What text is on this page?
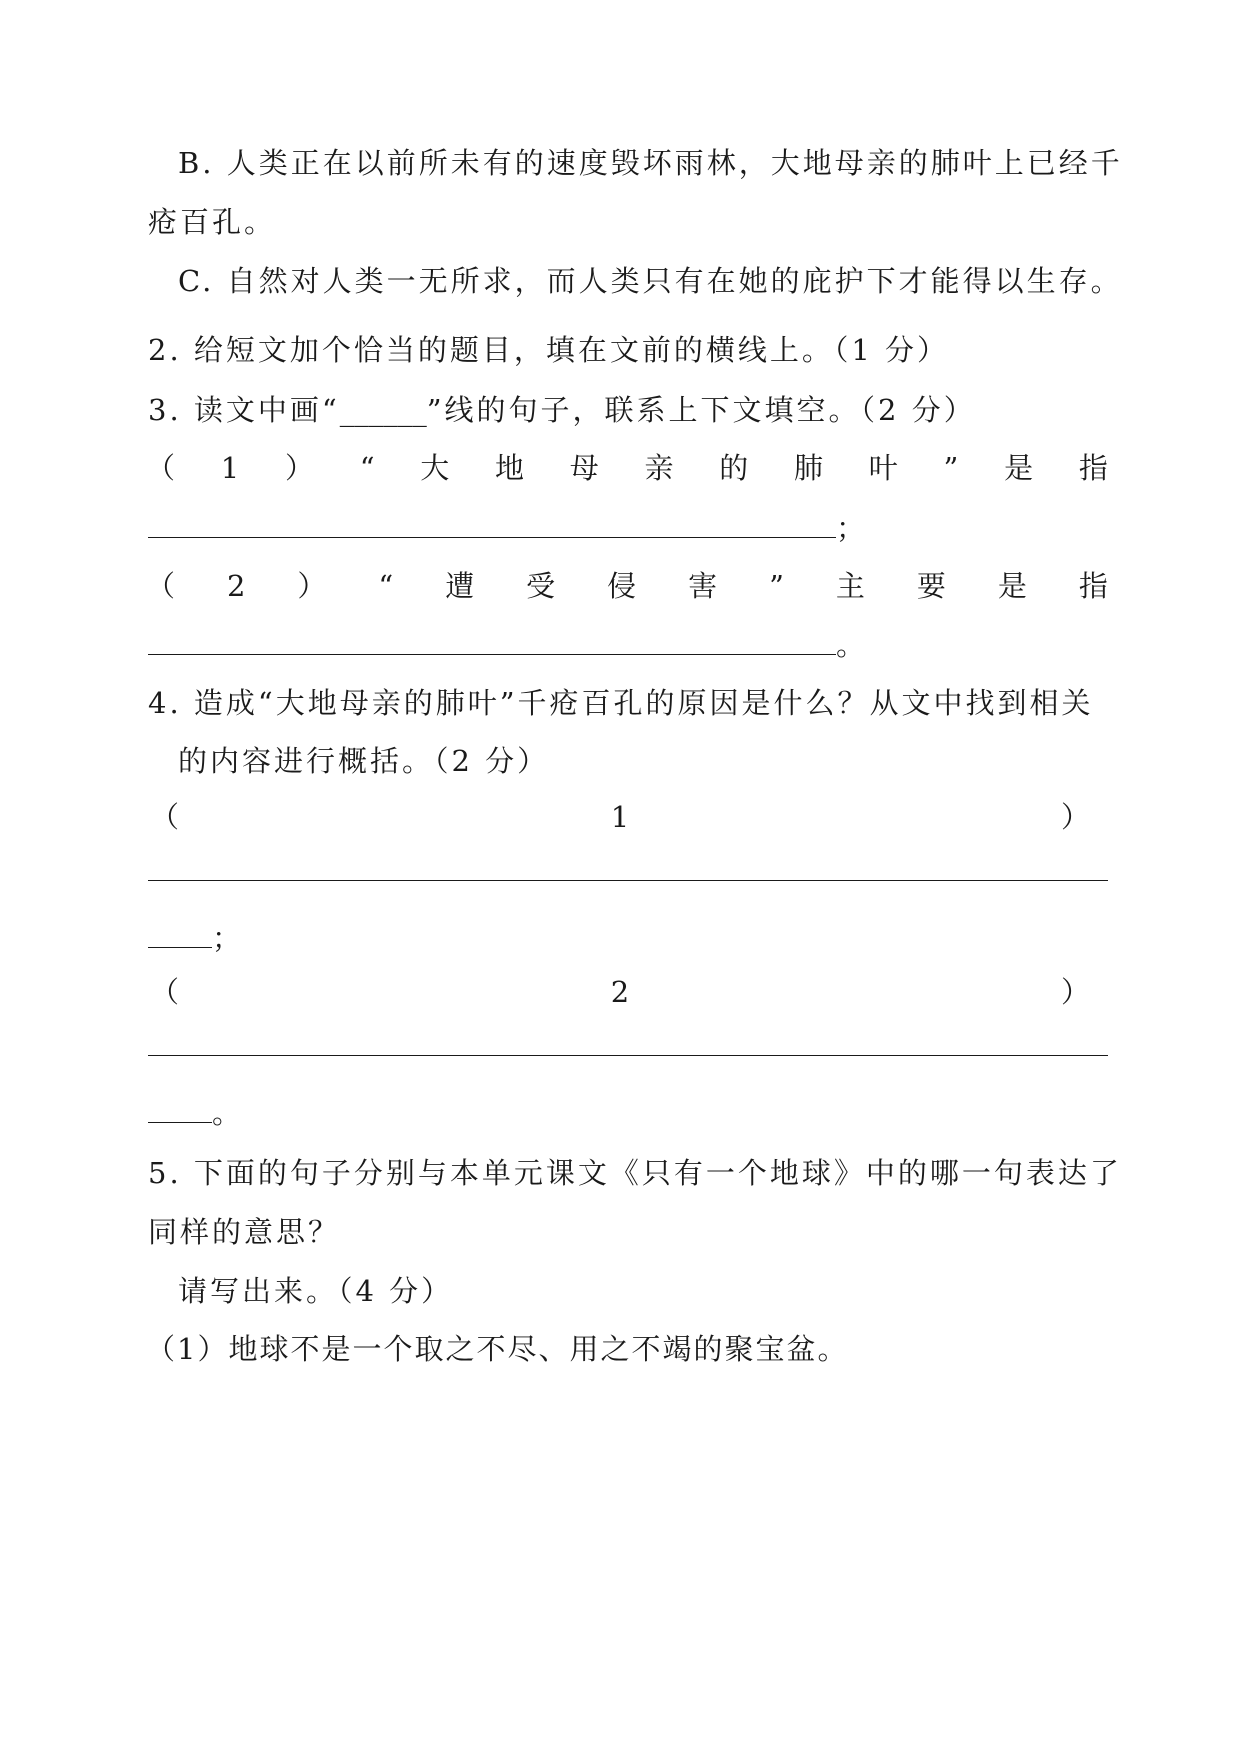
B. 人类正在以前所未有的速度毁坏雨林，大地母亲的肺叶上已经千
疮百孔。
C. 自然对人类一无所求，而人类只有在她的庇护下才能得以生存。
2. 给短文加个恰当的题目，填在文前的横线上。（1 分）
3. 读文中画“______”线的句子，联系上下文填空。（2 分）
（ 1 ） “ 大 地 母 亲 的 肺 叶 ” 是 指
；
（ 2 ） “ 遭 受 侵 害 ” 主 要 是 指
。
4. 造成“大地母亲的肺叶”千疮百孔的原因是什么？从文中找到相关
的内容进行概括。（2 分）
（	1	）
；
（	2	）
。
5. 下面的句子分别与本单元课文《只有一个地球》中的哪一句表达了
同样的意思？
请写出来。（4 分）
（1）地球不是一个取之不尽、用之不竭的聚宝盆。
